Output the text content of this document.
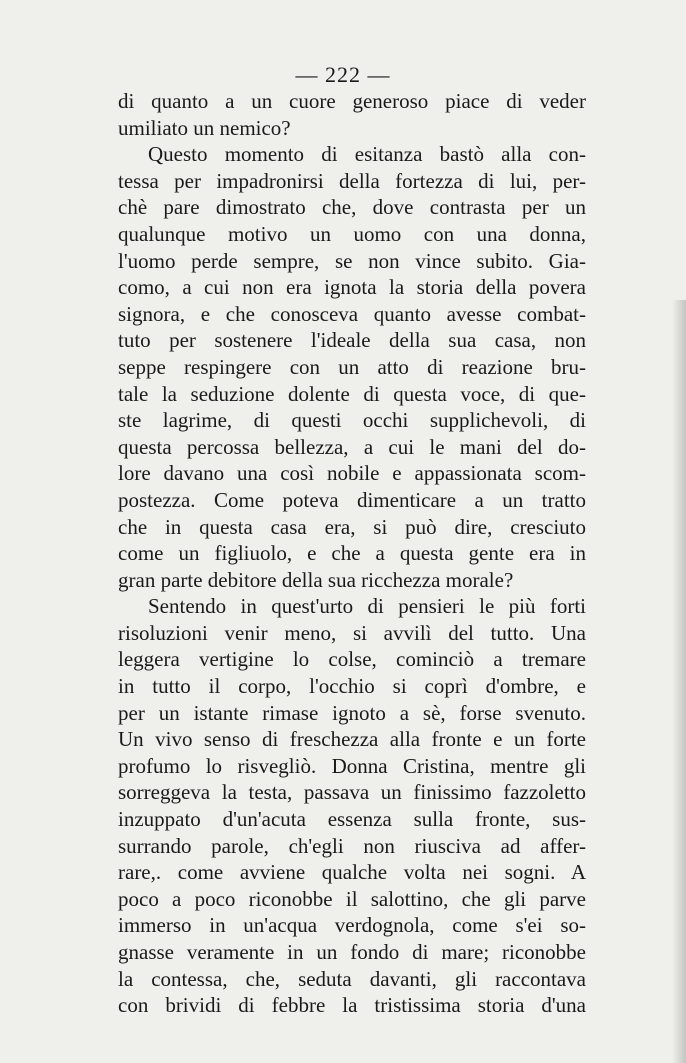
— 222 —
di quanto a un cuore generoso piace di veder
umiliato un nemico?
Questo momento di esitanza bastò alla con-
tessa per impadronirsi della fortezza di lui, per-
chè pare dimostrato che, dove contrasta per un
qualunque motivo un uomo con una donna,
l'uomo perde sempre, se non vince subito. Gia-
como, a cui non era ignota la storia della povera
signora, e che conosceva quanto avesse combat-
tuto per sostenere l'ideale della sua casa, non
seppe respingere con un atto di reazione bru-
tale la seduzione dolente di questa voce, di que-
ste lagrime, di questi occhi supplichevoli, di
questa percossa bellezza, a cui le mani del do-
lore davano una così nobile e appassionata scom-
postezza. Come poteva dimenticare a un tratto
che in questa casa era, si può dire, cresciuto
come un figliuolo, e che a questa gente era in
gran parte debitore della sua ricchezza morale?
Sentendo in quest'urto di pensieri le più forti
risoluzioni venir meno, si avvilì del tutto. Una
leggera vertigine lo colse, cominciò a tremare
in tutto il corpo, l'occhio si coprì d'ombre, e
per un istante rimase ignoto a sè, forse svenuto.
Un vivo senso di freschezza alla fronte e un forte
profumo lo risvegliò. Donna Cristina, mentre gli
sorreggeva la testa, passava un finissimo fazzoletto
inzuppato d'un'acuta essenza sulla fronte, sus-
surrando parole, ch'egli non riusciva ad affer-
rare,. come avviene qualche volta nei sogni. A
poco a poco riconobbe il salottino, che gli parve
immerso in un'acqua verdognola, come s'ei so-
gnasse veramente in un fondo di mare; riconobbe
la contessa, che, seduta davanti, gli raccontava
con brividi di febbre la tristissima storia d'una
